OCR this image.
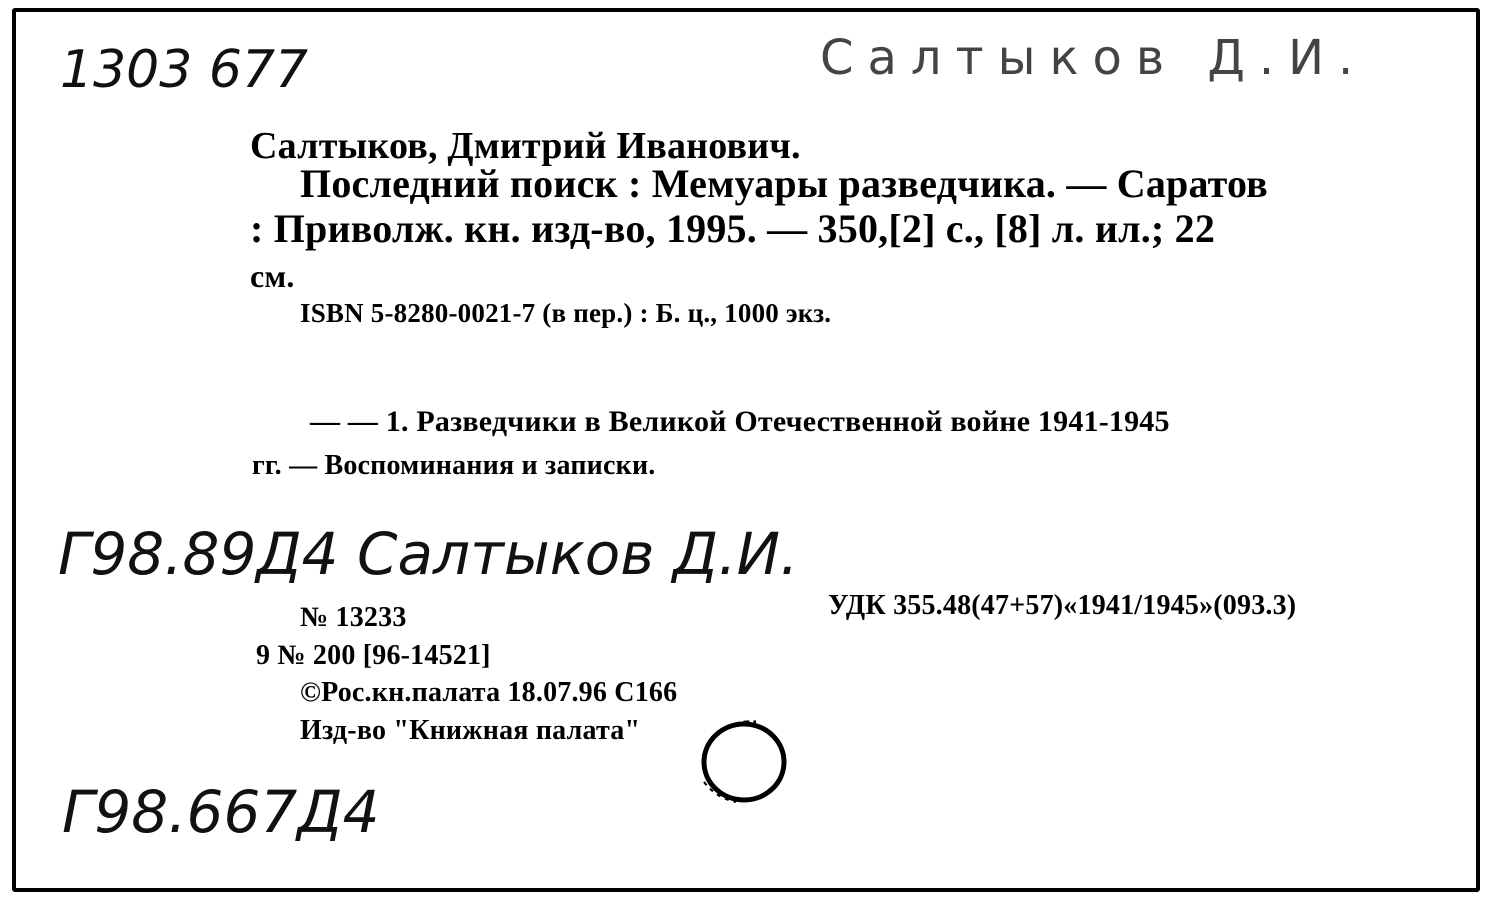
1303 677	Салтыков Д.И.
Г98.89Д4 Салтыков Д.И.
Г98.667Д4
Салтыков, Дмитрий Иванович.
Последний поиск : Мемуары разведчика. — Саратов
: Приволж. кн. изд-во, 1995. — 350,[2] с., [8] л. ил.; 22
см.
ISBN 5-8280-0021-7 (в пер.) : Б. ц., 1000 экз.
— — 1. Разведчики в Великой Отечественной войне 1941-1945
гг. — Воспоминания и записки.
№ 13233	УДК 355.48(47+57)«1941/1945»(093.3)
9 № 200 [96-14521]
©Рос.кн.палата 18.07.96 С166
Изд-во "Книжная палата"
